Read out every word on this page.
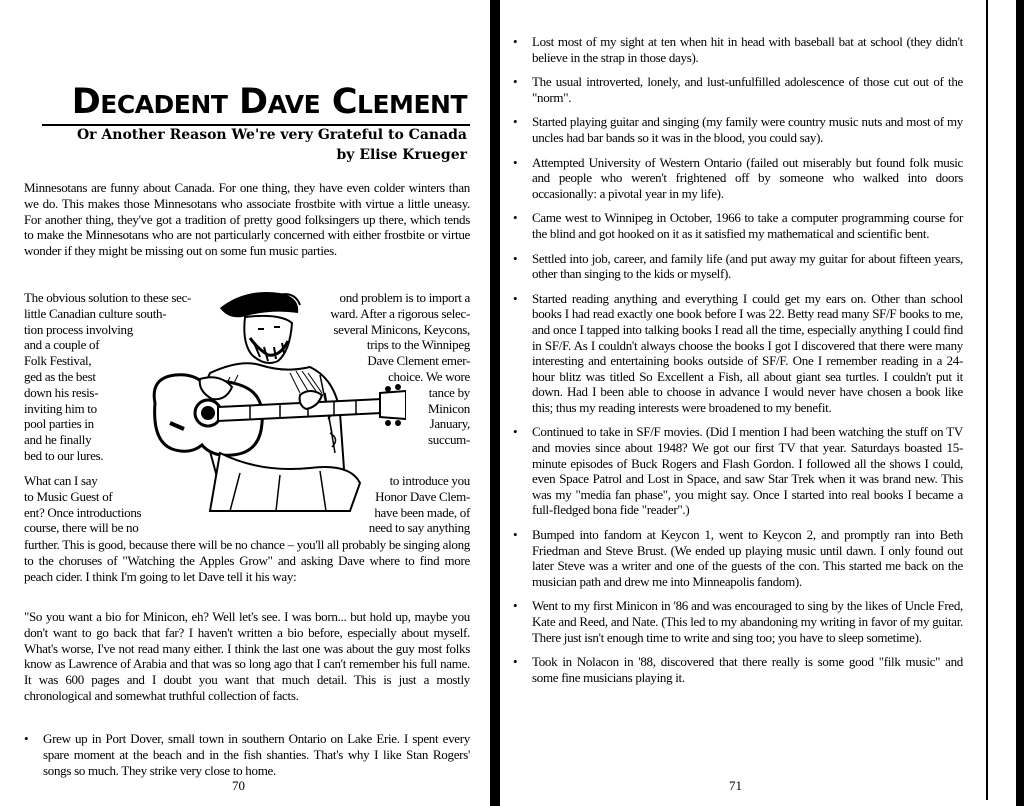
Decadent Dave Clement
Or Another Reason We're very Grateful to Canada
by Elise Krueger
Minnesotans are funny about Canada. For one thing, they have even colder winters than we do. This makes those Minnesotans who associate frostbite with virtue a little uneasy. For another thing, they've got a tradition of pretty good folksingers up there, which tends to make the Minnesotans who are not particularly concerned with either frostbite or virtue wonder if they might be missing out on some fun music parties.
The obvious solution to these sec-
little Canadian culture south-
tion process involving
and a couple of
Folk Festival,
ged as the best
down his resis-
inviting him to
pool parties in
and he finally
bed to our lures.
ond problem is to import a
ward. After a rigorous selec-
several Minicons, Keycons,
trips to the Winnipeg
Dave Clement emer-
choice. We wore
tance by
Minicon
January,
succum-
What can I say
to Music Guest of
ent? Once introductions
course, there will be no
to introduce you
Honor Dave Clem-
have been made, of
need to say anything
further. This is good, because there will be no chance – you'll all probably be singing along to the choruses of "Watching the Apples Grow" and asking Dave where to find more peach cider. I think I'm going to let Dave tell it his way:
"So you want a bio for Minicon, eh? Well let's see. I was born... but hold up, maybe you don't want to go back that far? I haven't written a bio before, especially about myself. What's worse, I've not read many either. I think the last one was about the guy most folks know as Lawrence of Arabia and that was so long ago that I can't remember his full name. It was 600 pages and I doubt you want that much detail. This is just a mostly chronological and somewhat truthful collection of facts.
• Grew up in Port Dover, small town in southern Ontario on Lake Erie. I spent every spare moment at the beach and in the fish shanties. That's why I like Stan Rogers' songs so much. They strike very close to home.
70
• Lost most of my sight at ten when hit in head with baseball bat at school (they didn't believe in the strap in those days).
• The usual introverted, lonely, and lust-unfulfilled adolescence of those cut out of the "norm".
• Started playing guitar and singing (my family were country music nuts and most of my uncles had bar bands so it was in the blood, you could say).
• Attempted University of Western Ontario (failed out miserably but found folk music and people who weren't frightened off by someone who walked into doors occasionally: a pivotal year in my life).
• Came west to Winnipeg in October, 1966 to take a computer programming course for the blind and got hooked on it as it satisfied my mathematical and scientific bent.
• Settled into job, career, and family life (and put away my guitar for about fifteen years, other than singing to the kids or myself).
• Started reading anything and everything I could get my ears on. Other than school books I had read exactly one book before I was 22. Betty read many SF/F books to me, and once I tapped into talking books I read all the time, especially anything I could find in SF/F. As I couldn't always choose the books I got I discovered that there were many interesting and entertaining books outside of SF/F. One I remember reading in a 24-hour blitz was titled So Excellent a Fish, all about giant sea turtles. I couldn't put it down. Had I been able to choose in advance I would never have chosen a book like this; thus my reading interests were broadened to my benefit.
• Continued to take in SF/F movies. (Did I mention I had been watching the stuff on TV and movies since about 1948? We got our first TV that year. Saturdays boasted 15-minute episodes of Buck Rogers and Flash Gordon. I followed all the shows I could, even Space Patrol and Lost in Space, and saw Star Trek when it was brand new. This was my "media fan phase", you might say. Once I started into real books I became a full-fledged bona fide "reader".)
• Bumped into fandom at Keycon 1, went to Keycon 2, and promptly ran into Beth Friedman and Steve Brust. (We ended up playing music until dawn. I only found out later Steve was a writer and one of the guests of the con. This started me back on the musician path and drew me into Minneapolis fandom).
• Went to my first Minicon in '86 and was encouraged to sing by the likes of Uncle Fred, Kate and Reed, and Nate. (This led to my abandoning my writing in favor of my guitar. There just isn't enough time to write and sing too; you have to sleep sometime).
• Took in Nolacon in '88, discovered that there really is some good "filk music" and some fine musicians playing it.
71
